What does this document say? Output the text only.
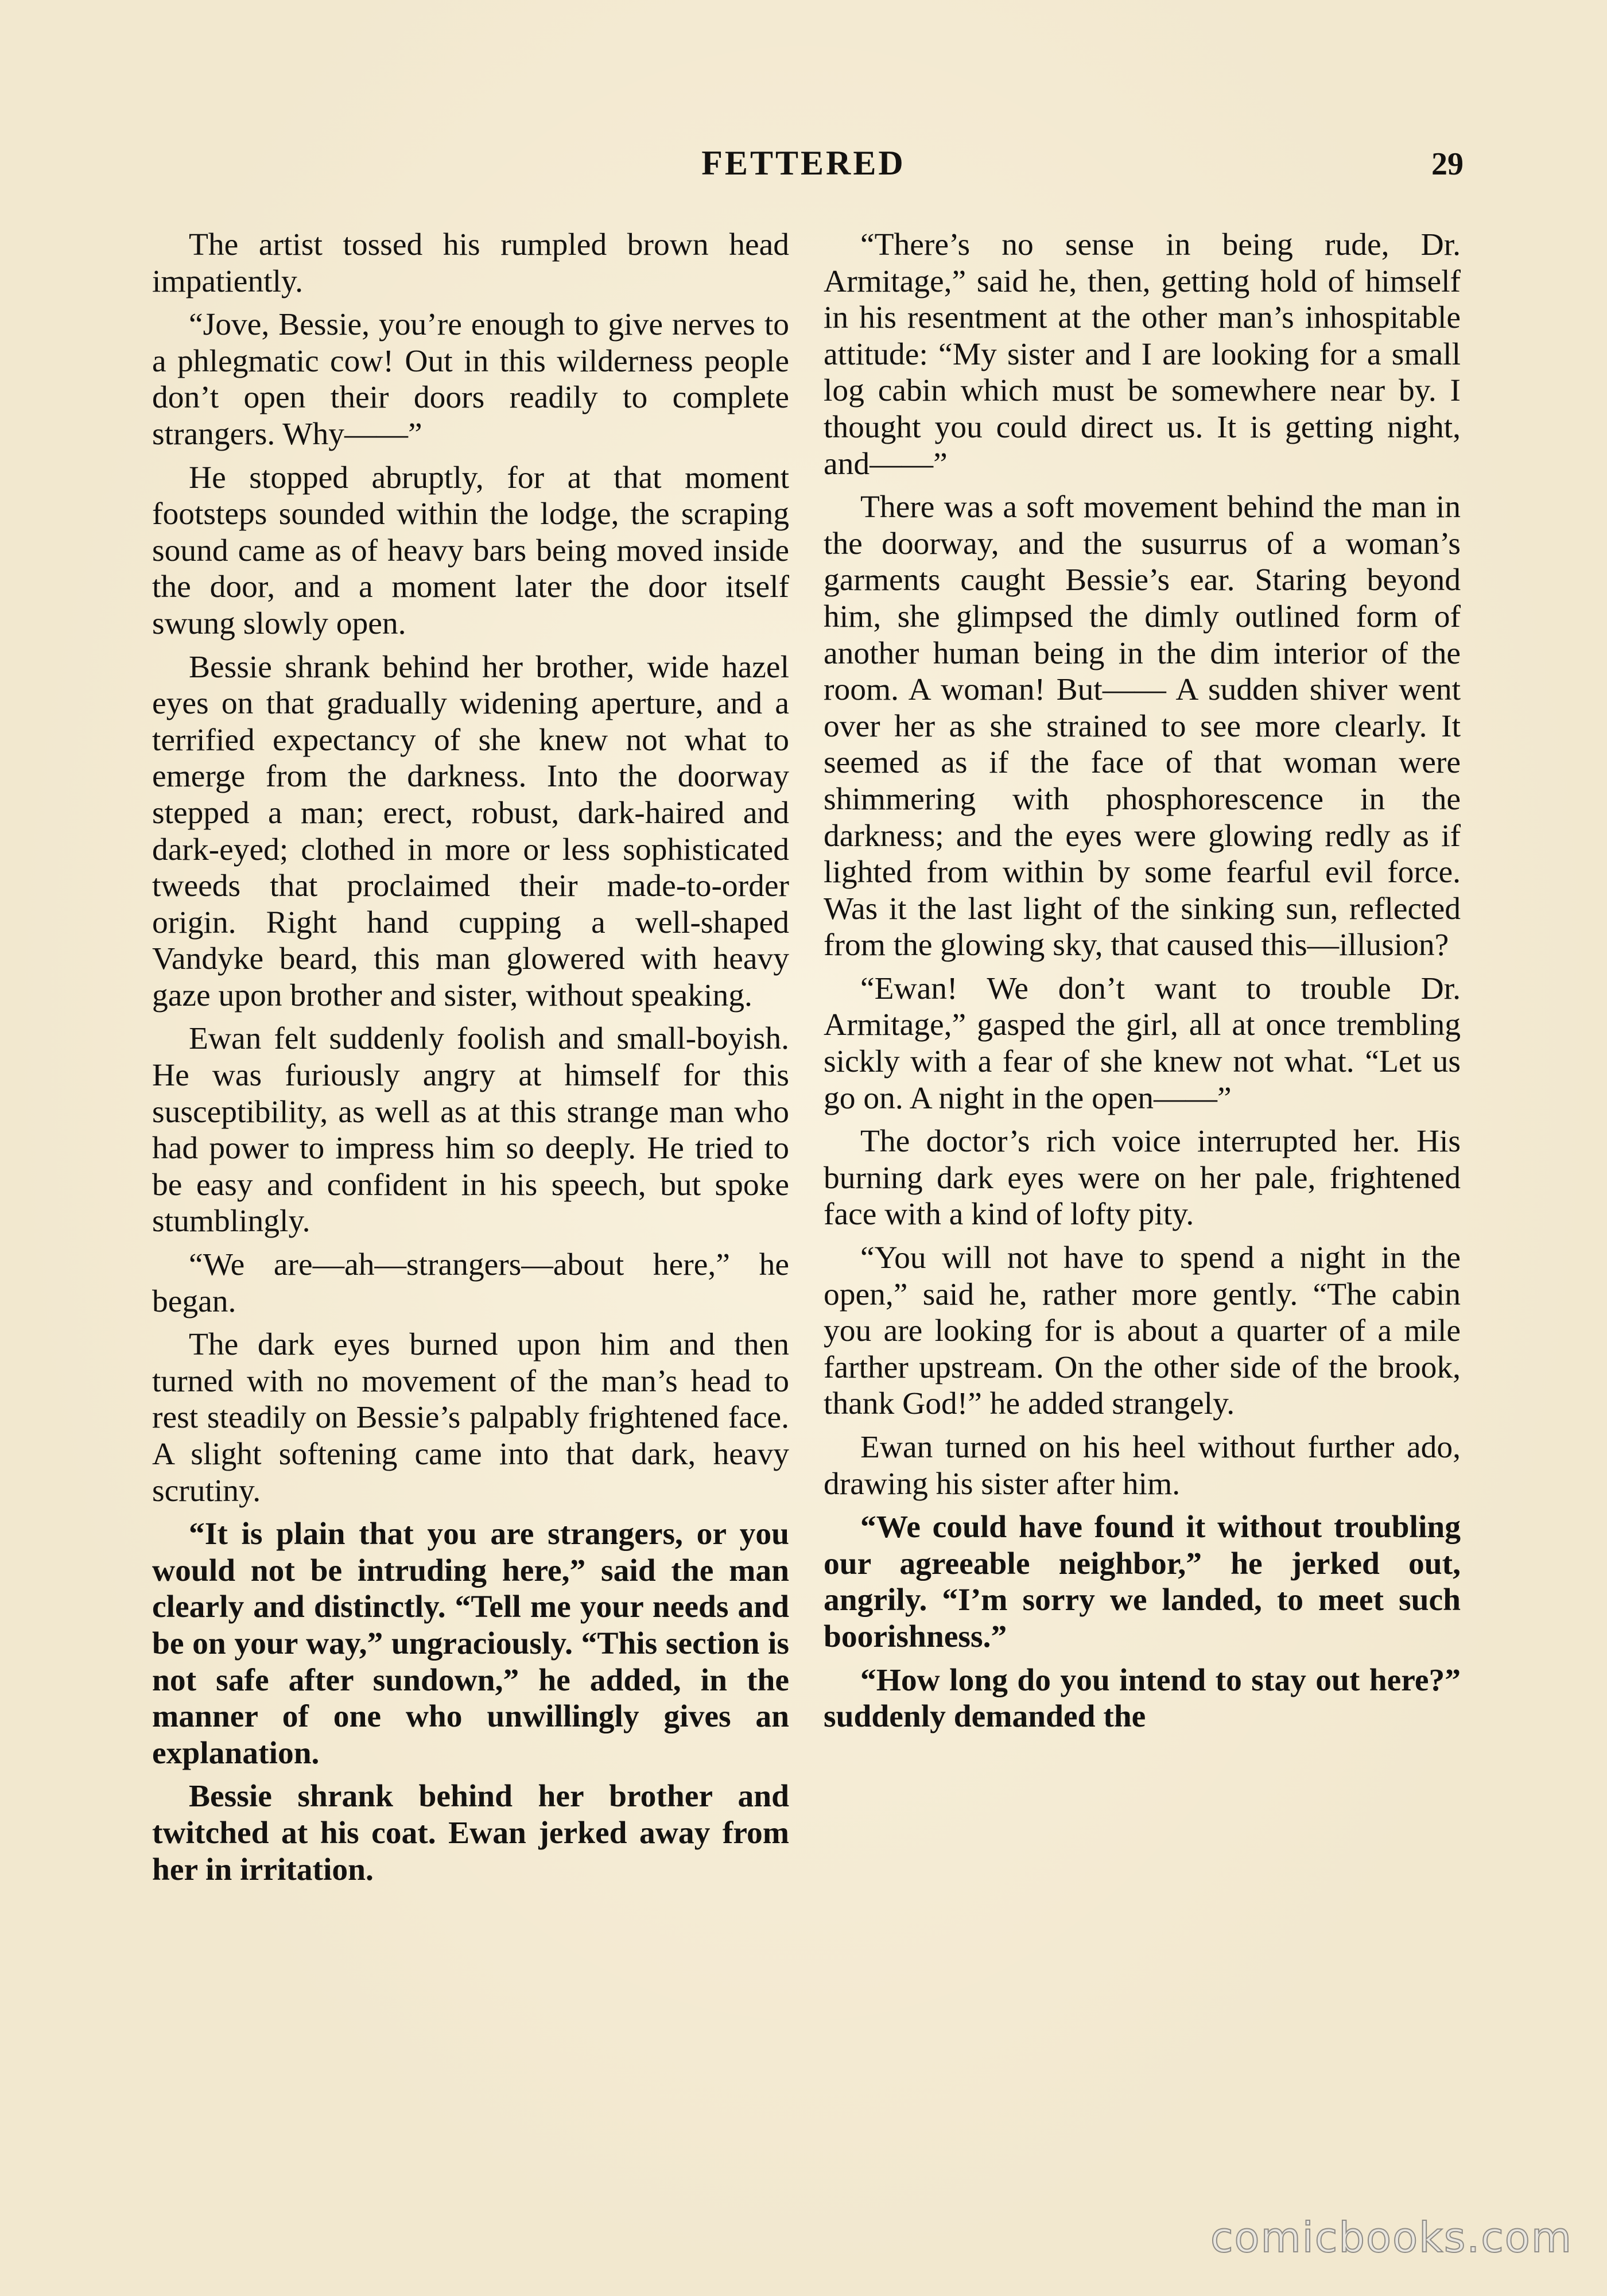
FETTERED	29

The artist tossed his rumpled brown head impatiently.

“Jove, Bessie, you’re enough to give nerves to a phlegmatic cow! Out in this wilderness people don’t open their doors readily to complete strangers. Why——”

He stopped abruptly, for at that moment footsteps sounded within the lodge, the scraping sound came as of heavy bars being moved inside the door, and a moment later the door itself swung slowly open.

Bessie shrank behind her brother, wide hazel eyes on that gradually widening aperture, and a terrified expectancy of she knew not what to emerge from the darkness. Into the doorway stepped a man; erect, robust, dark-haired and dark-eyed; clothed in more or less sophisticated tweeds that proclaimed their made-to-order origin. Right hand cupping a well-shaped Vandyke beard, this man glowered with heavy gaze upon brother and sister, without speaking.

Ewan felt suddenly foolish and small-boyish. He was furiously angry at himself for this susceptibility, as well as at this strange man who had power to impress him so deeply. He tried to be easy and confident in his speech, but spoke stumblingly.

“We are—ah—strangers—about here,” he began.

The dark eyes burned upon him and then turned with no movement of the man’s head to rest steadily on Bessie’s palpably frightened face. A slight softening came into that dark, heavy scrutiny.

“It is plain that you are strangers, or you would not be intruding here,” said the man clearly and distinctly. “Tell me your needs and be on your way,” ungraciously. “This section is not safe after sundown,” he added, in the manner of one who unwillingly gives an explanation.

Bessie shrank behind her brother and twitched at his coat. Ewan jerked away from her in irritation.

“There’s no sense in being rude, Dr. Armitage,” said he, then, getting hold of himself in his resentment at the other man’s inhospitable attitude: “My sister and I are looking for a small log cabin which must be somewhere near by. I thought you could direct us. It is getting night, and——”

There was a soft movement behind the man in the doorway, and the susurrus of a woman’s garments caught Bessie’s ear. Staring beyond him, she glimpsed the dimly outlined form of another human being in the dim interior of the room. A woman! But—— A sudden shiver went over her as she strained to see more clearly. It seemed as if the face of that woman were shimmering with phosphorescence in the darkness; and the eyes were glowing redly as if lighted from within by some fearful evil force. Was it the last light of the sinking sun, reflected from the glowing sky, that caused this—illusion?

“Ewan! We don’t want to trouble Dr. Armitage,” gasped the girl, all at once trembling sickly with a fear of she knew not what. “Let us go on. A night in the open——”

The doctor’s rich voice interrupted her. His burning dark eyes were on her pale, frightened face with a kind of lofty pity.

“You will not have to spend a night in the open,” said he, rather more gently. “The cabin you are looking for is about a quarter of a mile farther upstream. On the other side of the brook, thank God!” he added strangely.

Ewan turned on his heel without further ado, drawing his sister after him.

“We could have found it without troubling our agreeable neighbor,” he jerked out, angrily. “I’m sorry we landed, to meet such boorishness.”

“How long do you intend to stay out here?” suddenly demanded the

comicbooks.com
